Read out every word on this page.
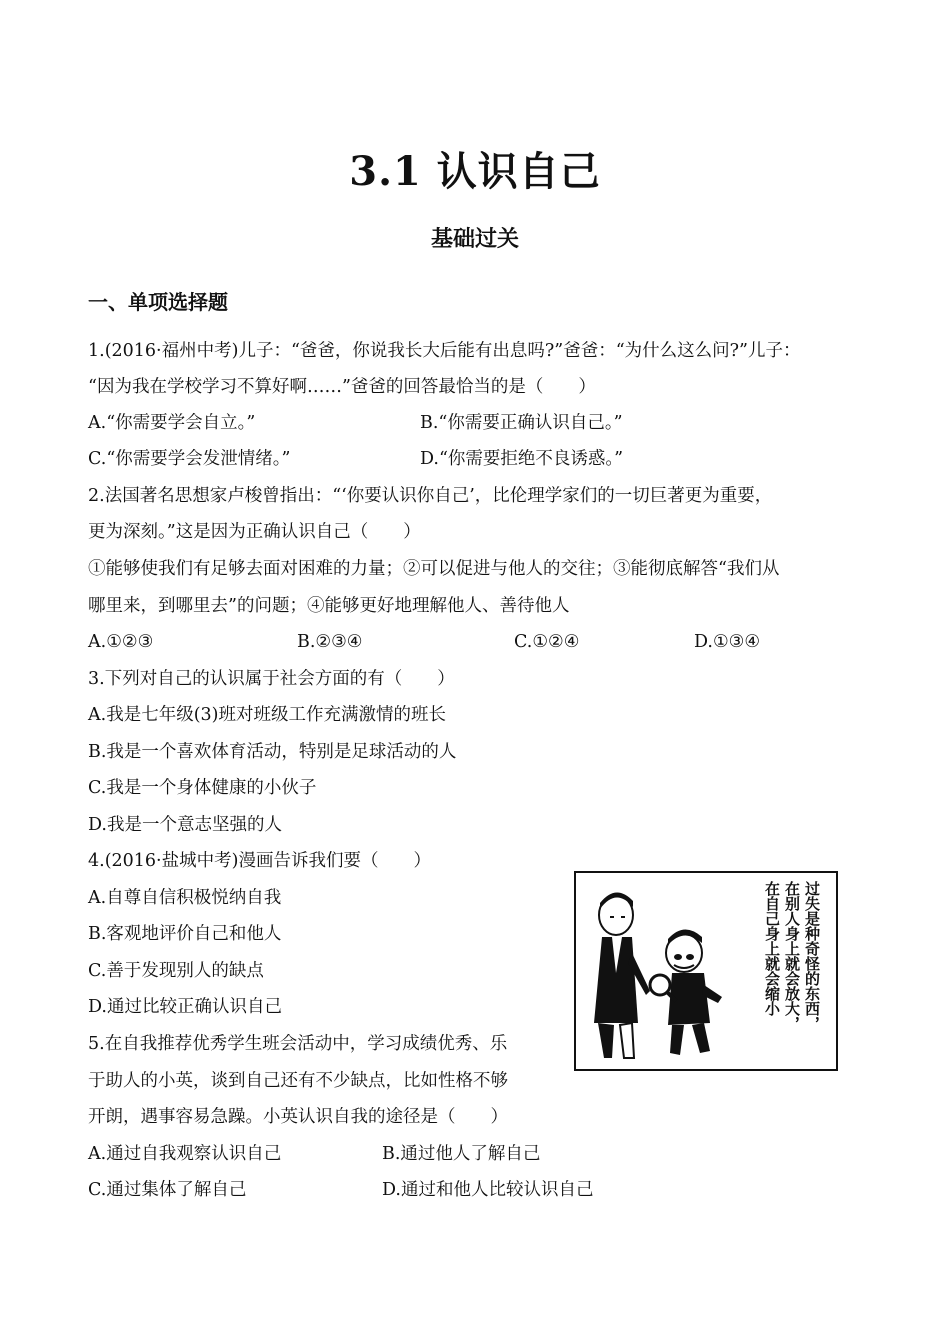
3.1 认识自己
基础过关
一、单项选择题
1.(2016·福州中考)儿子：“爸爸，你说我长大后能有出息吗?”爸爸：“为什么这么问?”儿子：
“因为我在学校学习不算好啊……”爸爸的回答最恰当的是（　　）
A.“你需要学会自立。”	B.“你需要正确认识自己。”
C.“你需要学会发泄情绪。”	D.“你需要拒绝不良诱惑。”
2.法国著名思想家卢梭曾指出：“‘你要认识你自己’，比伦理学家们的一切巨著更为重要，
更为深刻。”这是因为正确认识自己（　　）
①能够使我们有足够去面对困难的力量；②可以促进与他人的交往；③能彻底解答“我们从
哪里来，到哪里去”的问题；④能够更好地理解他人、善待他人
A.①②③	B.②③④	C.①②④	D.①③④
3.下列对自己的认识属于社会方面的有（　　）
A.我是七年级(3)班对班级工作充满激情的班长
B.我是一个喜欢体育活动，特别是足球活动的人
C.我是一个身体健康的小伙子
D.我是一个意志坚强的人
4.(2016·盐城中考)漫画告诉我们要（　　）
A.自尊自信积极悦纳自我
B.客观地评价自己和他人
C.善于发现别人的缺点
D.通过比较正确认识自己	过失是种奇怪的东西，
在别人身上就会放大，
在自己身上就会缩小
5.在自我推荐优秀学生班会活动中，学习成绩优秀、乐
于助人的小英，谈到自己还有不少缺点，比如性格不够
开朗，遇事容易急躁。小英认识自我的途径是（　　）
A.通过自我观察认识自己	B.通过他人了解自己
C.通过集体了解自己	D.通过和他人比较认识自己
